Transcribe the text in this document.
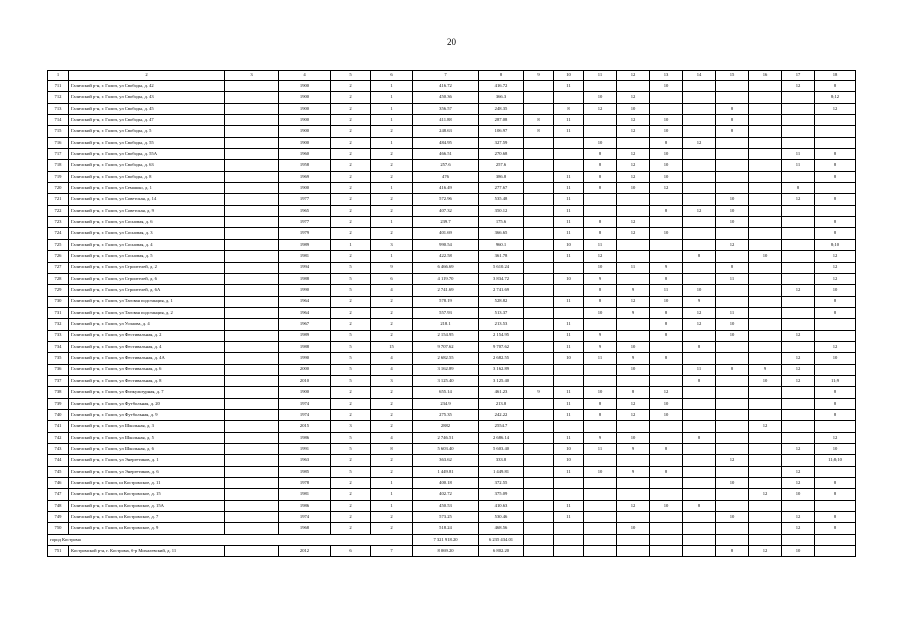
20
1	2	3	4	5	6	7	8	9	10	11	12	13	14	15	16	17	18
711	Галичский р-н, г. Галич, ул Свободы, д. 42		1900	2	1	416.72	416.72		11			10				12	8
712	Галичский р-н, г. Галич, ул Свободы, д. 43		1900	2	1	450.36	366.3			10	12						8;12
713	Галичский р-н, г. Галич, ул Свободы, д. 45		1900	2	1	356.57	248.35		8	12	10			8			12
714	Галичский р-н, г. Галич, ул Свободы, д. 47		1900	2	1	411.88	287.08	8	11		12	10		8			
715	Галичский р-н, г. Галич, ул Свободы, д. 5		1900	2	2	248.63	106.97	8	11		12	10		8			
716	Галичский р-н, г. Галич, ул Свободы, д. 55		1900	2	1	484.95	327.59			10		8	12				
717	Галичский р-н, г. Галич, ул Свободы, д. 55А		1960	2	2	466.51	270.68			8	12	10				11	8
718	Галичский р-н, г. Галич, ул Свободы, д. 63		1958	2	2	257.6	257.6			8	12	10				11	8
719	Галичский р-н, г. Галич, ул Свободы, д. 8		1969	2	2	476	386.8		11	8	12	10					8
720	Галичский р-н, г. Галич, ул Семашко, д. 1		1900	2	1	416.49	277.67		11	8	10	12				8	
721	Галичский р-н, г. Галич, ул Советская, д. 14		1977	2	2	572.96	535.48		11					10		12	8
722	Галичский р-н, г. Галич, ул Советская, д. 9		1965	2	2	407.32	350.12		11			8	12	10			
723	Галичский р-н, г. Галич, ул Сосновая, д. 6		1977	2	1	239.7	175.6		11	8	12			10			8
724	Галичский р-н, г. Галич, ул Сосновая, д. 3		1979	2	2	401.69	366.65		11	8	12	10					8
725	Галичский р-н, г. Галич, ул Сосновая, д. 4		1989	1	3	990.54	960.1		10	11				12			8;10
726	Галичский р-н, г. Галич, ул Сосновая, д. 5		1981	2	1	422.58	361.78		11	12			8		10		12
727	Галичский р-н, г. Галич, ул Строителей, д. 2		1994	5	9	6 466.69	5 610.24			10	11	9		8			12
728	Галичский р-н, г. Галич, ул Строителей, д. 6		1988	5	6	4 119.70	3 834.72		10	9		8		11			12
729	Галичский р-н, г. Галич, ул Строителей, д. 6А		1990	5	4	2 741.69	2 741.69			8	9	11	10			12	10
730	Галичский р-н, г. Галич, ул Таговая подстанция, д. 1		1964	2	2	578.19	528.82		11	8	12	10	9				8
731	Галичский р-н, г. Галич, ул Таговая подстанция, д. 2		1964	2	2	557.93	513.37			10	9	8	12	11			8
732	Галичский р-н, г. Галич, ул Успаова, д. 4		1967	2	2	218.1	213.53		11			8	12	10			
733	Галичский р-н, г. Галич, ул Фестивальная, д. 2		1989	5	2	2 154.95	2 154.95		11	9		8		10		12	
734	Галичский р-н, г. Галич, ул Фестивальная, д. 4		1988	5	15	9 707.62	9 707.62		11	9	10		8				12
735	Галичский р-н, г. Галич, ул Фестивальная, д. 4А		1990	5	4	2 682.55	2 682.55		10	11	9	8				12	10
736	Галичский р-н, г. Галич, ул Фестивальная, д. 6		2000	5	4	3 162.89	3 162.89				10		11	8	9	12	
737	Галичский р-н, г. Галич, ул Фестивальная, д. 8		2010	5	3	3 125.40	3 125.40						8		10	12	11;9
738	Галичский р-н, г. Галич, ул Физкультурная, д. 7		1900	2	2	655.14	461.23	9	11	10	8	12					8
739	Галичский р-н, г. Галич, ул Футбольная, д. 20		1974	2	2	234.9	213.8		11	8	12	10					8
740	Галичский р-н, г. Галич, ул Футбольная, д. 9		1974	2	2	275.35	242.22		11	8	12	10					8
741	Галичский р-н, г. Галич, ул Школьная, д. 3		2015	3	2	2882	2554.7								12		
742	Галичский р-н, г. Галич, ул Школьная, д. 5		1986	5	4	2 746.51	2 686.14		11	9	10		8				12
743	Галичский р-н, г. Галич, ул Школьная, д. 6		1991	5	8	5 603.40	5 603.40		10	11	9	8				12	10
744	Галичский р-н, г. Галич, ул Энергетиков, д. 1		1963	2	2	363.62	333.8		10					12			11;8;10
745	Галичский р-н, г. Галич, ул Энергетиков, д. 6		1985	5	2	1 449.81	1 449.81		11	10	9	8				12	
746	Галичский р-н, г. Галич, ш Костромское, д. 11		1978	2	1	400.18	372.55							10		12	8
747	Галичский р-н, г. Галич, ш Костромское, д. 15		1981	2	1	402.72	375.09								12	10	8
748	Галичский р-н, г. Галич, ш Костромское, д. 15А		1986	2	1	450.53	410.63		11		12	10	8				
749	Галичский р-н, г. Галич, ш Костромское, д. 7		1974	2	2	573.25	530.46		11					10		12	8
750	Галичский р-н, г. Галич, ш Костромское, д. 9		1968	2	2	518.24	468.56				10					12	8
город Кострома						7 321 918.20	6 235 434.01										
751	Костромской р-н, г. Кострома, б-р Михалевский, д. 11		2012	6	7	8 069.20	6 802.20							8	12	10	
